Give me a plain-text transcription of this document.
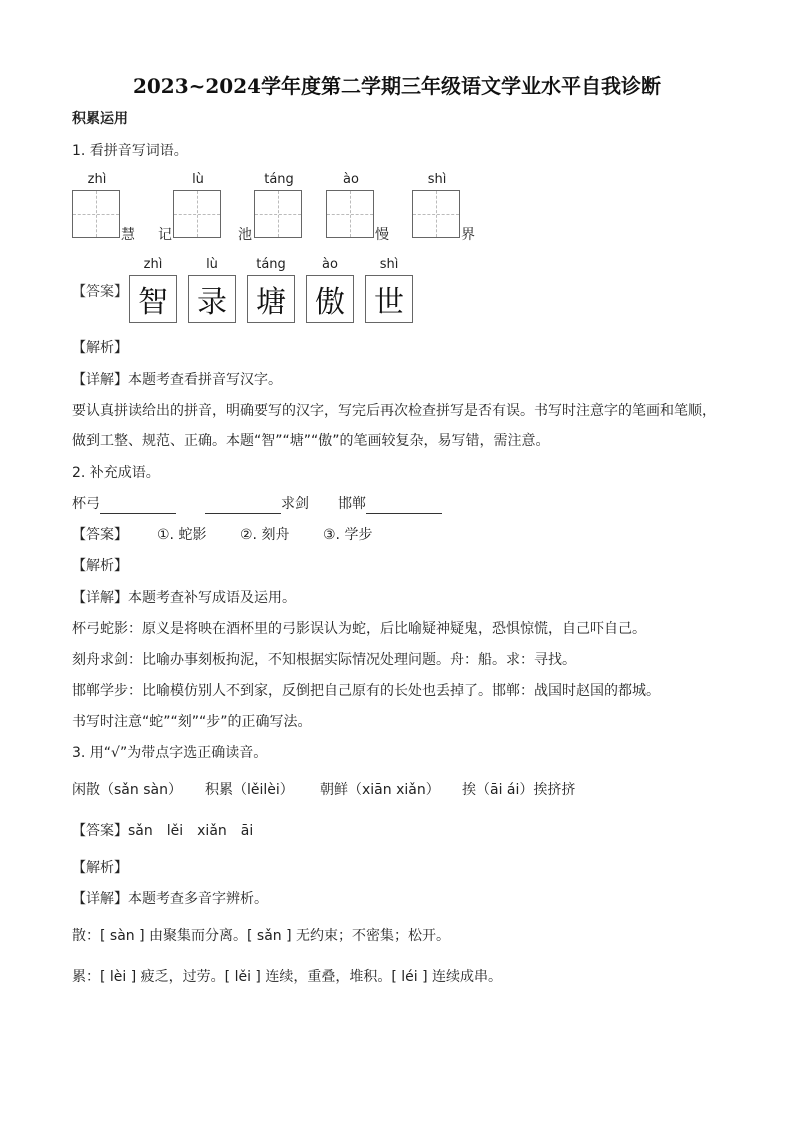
2023~2024学年度第二学期三年级语文学业水平自我诊断
积累运用
1. 看拼音写词语。
zhì	lù	táng	ào	shì
慧 记	池	慢	界
【答案】
zhì	lù	táng	ào	shì
智 录 塘 傲 世
【解析】
【详解】本题考查看拼音写汉字。
要认真拼读给出的拼音，明确要写的汉字，写完后再次检查拼写是否有误。书写时注意字的笔画和笔顺，
做到工整、规范、正确。本题“智”“塘”“傲”的笔画较复杂，易写错，需注意。
2. 补充成语。
杯弓	求剑 邯郸
【答案】 ①. 蛇影 ②. 刻舟 ③. 学步
【解析】
【详解】本题考查补写成语及运用。
杯弓蛇影：原义是将映在酒杯里的弓影误认为蛇，后比喻疑神疑鬼，恐惧惊慌，自己吓自己。
刻舟求剑：比喻办事刻板拘泥，不知根据实际情况处理问题。舟：船。求：寻找。
邯郸学步：比喻模仿别人不到家，反倒把自己原有的长处也丢掉了。邯郸：战国时赵国的都城。
书写时注意“蛇”“刻”“步”的正确写法。
3. 用“√”为带点字选正确读音。
闲散（sǎn sàn） 积累（lěilèi） 朝鲜（xiān xiǎn） 挨（āi ái）挨挤挤
【答案】 sǎn　lěi　xiǎn　āi
【解析】
【详解】本题考查多音字辨析。
散：[ sàn ] 由聚集而分离。[ sǎn ] 无约束；不密集；松开。
累：[ lèi ] 疲乏，过劳。[ lěi ] 连续，重叠，堆积。[ léi ] 连续成串。
